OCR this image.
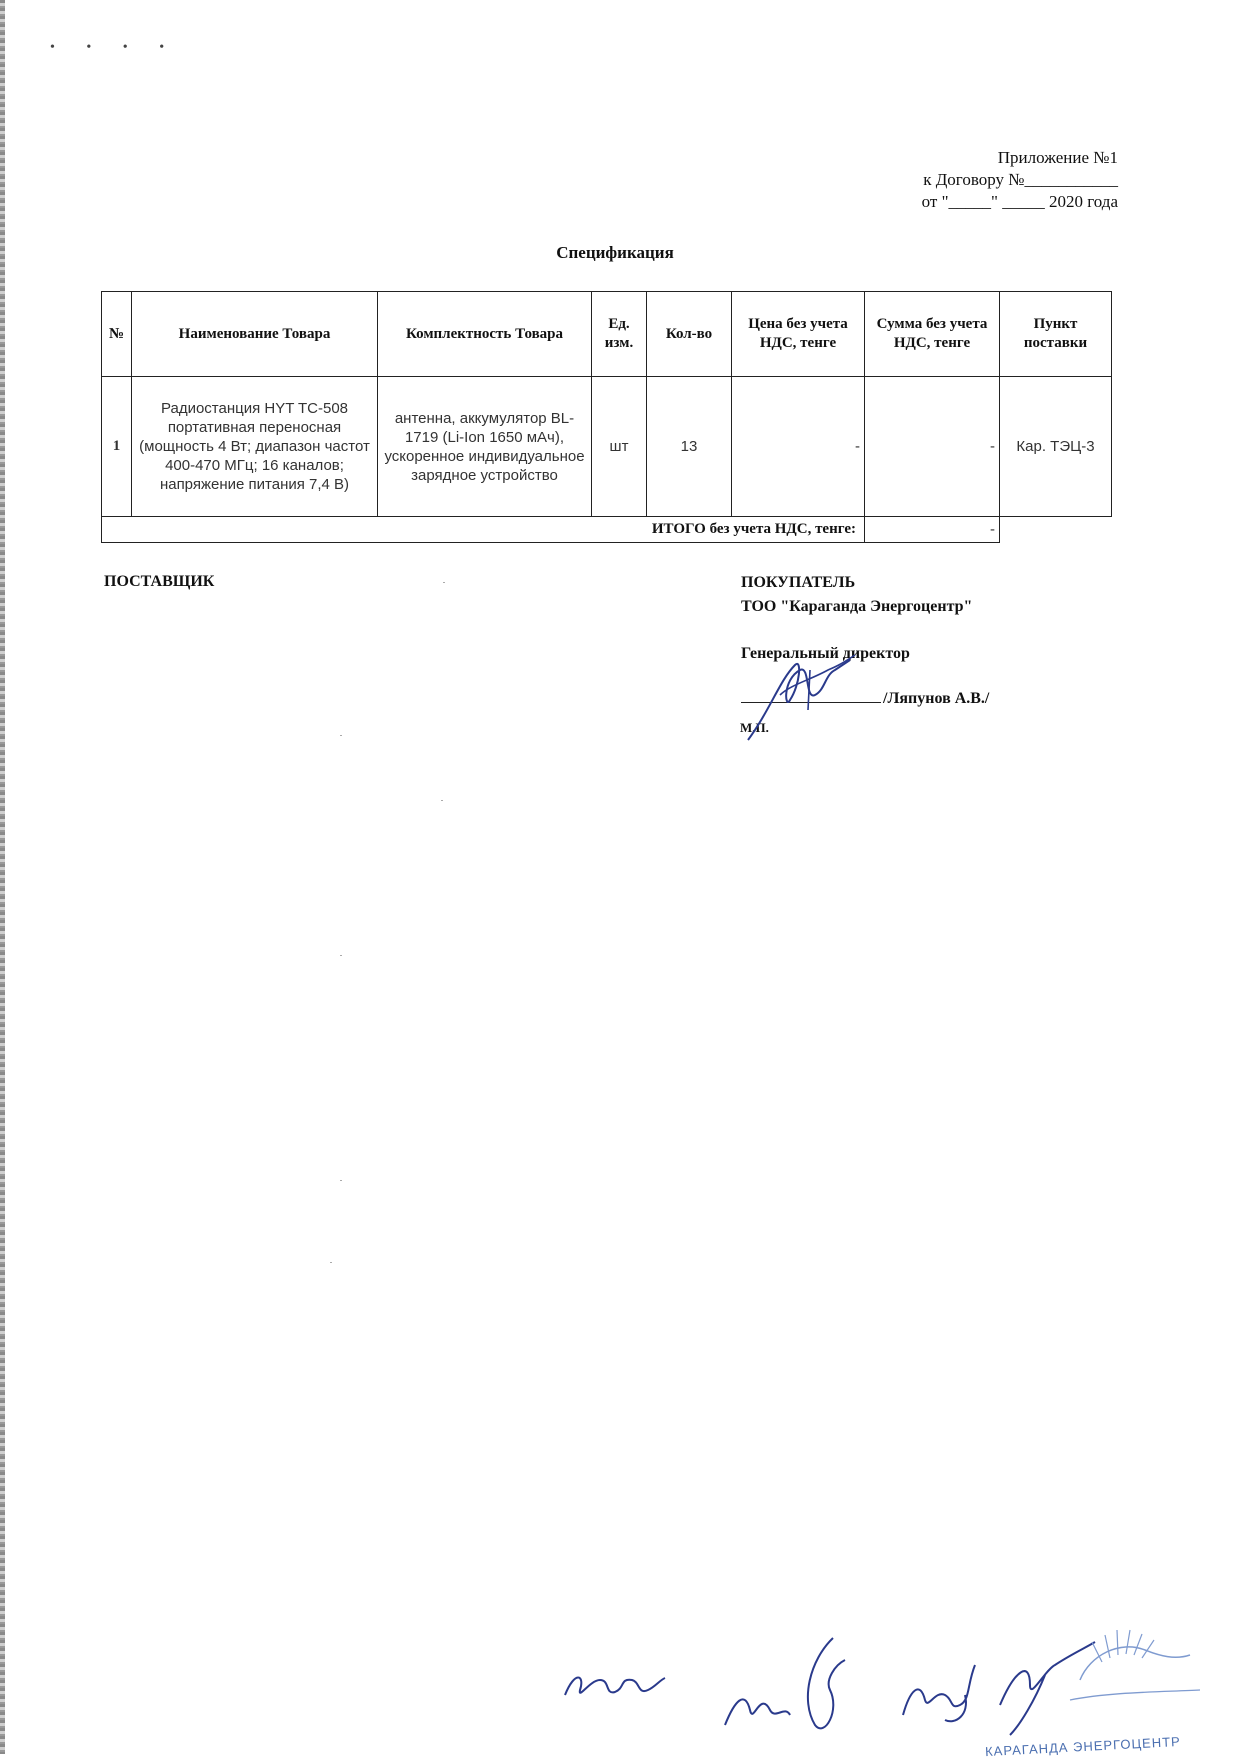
• • • •
Приложение №1
к Договору №___________
от "_____" _____ 2020 года
Спецификация
№	Наименование Товара	Комплектность Товара	Ед. изм.	Кол-во	Цена без учета НДС, тенге	Сумма без учета НДС, тенге	Пункт поставки
1	Радиостанция HYT TC-508 портативная переносная (мощность 4 Вт; диапазон частот 400-470 МГц; 16 каналов; напряжение питания 7,4 В)	антенна, аккумулятор BL-1719 (Li-Ion 1650 мАч), ускоренное индивидуальное зарядное устройство	шт	13	-	-	Кар. ТЭЦ-3
ИТОГО без учета НДС, тенге:						-	
ПОСТАВЩИК	ПОКУПАТЕЛЬ
ТОО "Караганда Энергоцентр"
Генеральный директор
/Ляпунов А.В./
М.П.
КАРАГАНДА ЭНЕРГОЦЕНТР
